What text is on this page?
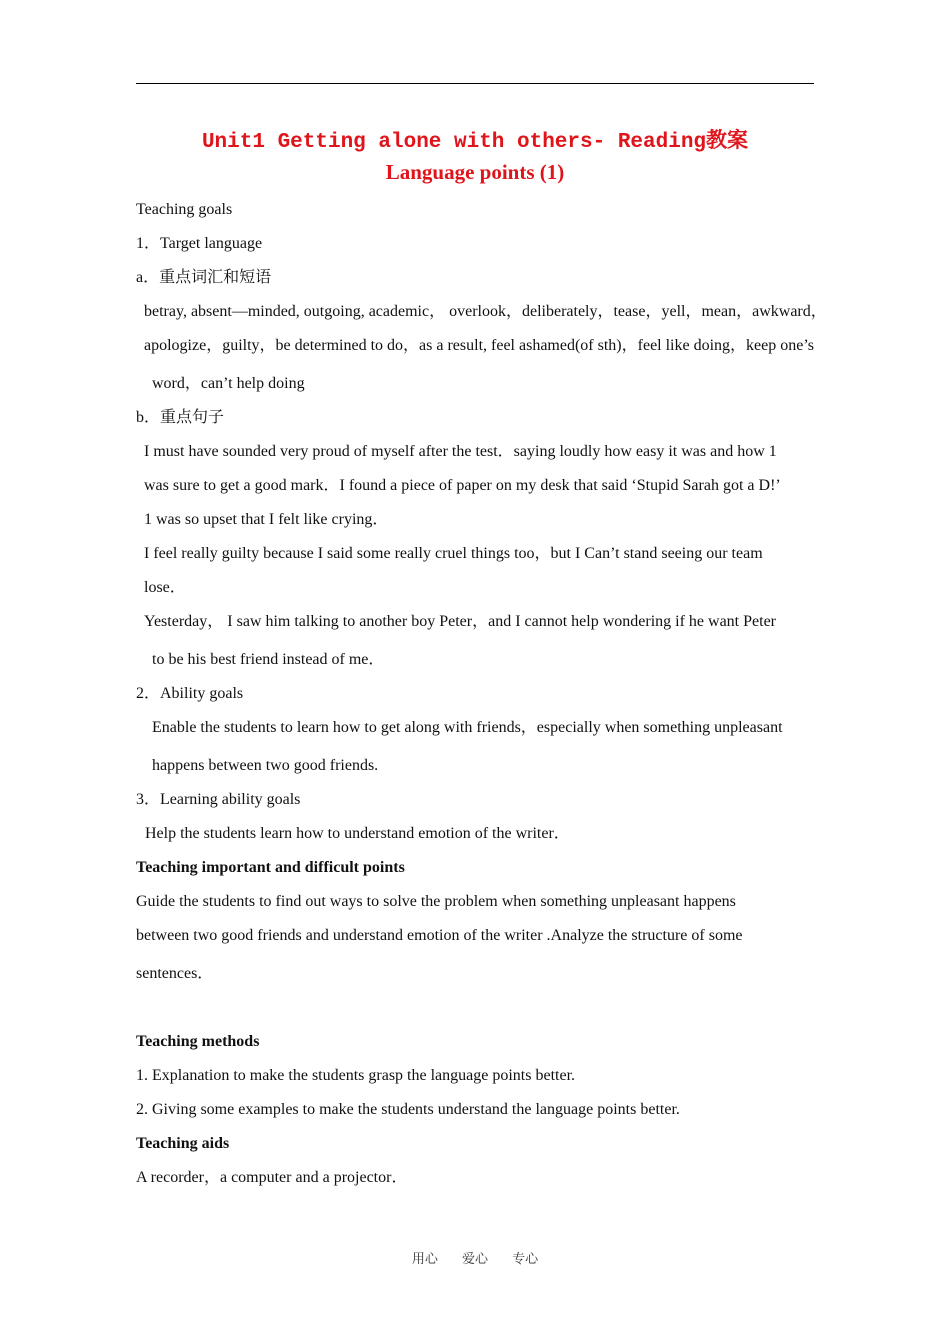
Unit1 Getting alone with others- Reading教案
Language points (1)
Teaching goals
1．Target language
a．重点词汇和短语
betray, absent—minded, outgoing, academic， overlook，deliberately，tease，yell，mean，awkward，
apologize，guilty，be determined to do，as a result, feel ashamed(of sth)，feel like doing，keep one’s
word，can’t help doing
b．重点句子
I must have sounded very proud of myself after the test．saying loudly how easy it was and how 1
was sure to get a good mark．I found a piece of paper on my desk that said ‘Stupid Sarah got a D!’
1 was so upset that I felt like crying．
I feel really guilty because I said some really cruel things too，but I Can’t stand seeing our team
lose．
Yesterday， I saw him talking to another boy Peter，and I cannot help wondering if he want Peter
to be his best friend instead of me．
2．Ability goals
Enable the students to learn how to get along with friends，especially when something unpleasant
happens between two good friends.
3．Learning ability goals
Help the students learn how to understand emotion of the writer．
Teaching important and difficult points
Guide the students to find out ways to solve the problem when something unpleasant happens
between two good friends and understand emotion of the writer .Analyze the structure of some
sentences．
Teaching methods
1. Explanation to make the students grasp the language points better.
2. Giving some examples to make the students understand the language points better.
Teaching aids
A recorder，a computer and a projector．
用心 爱心 专心
